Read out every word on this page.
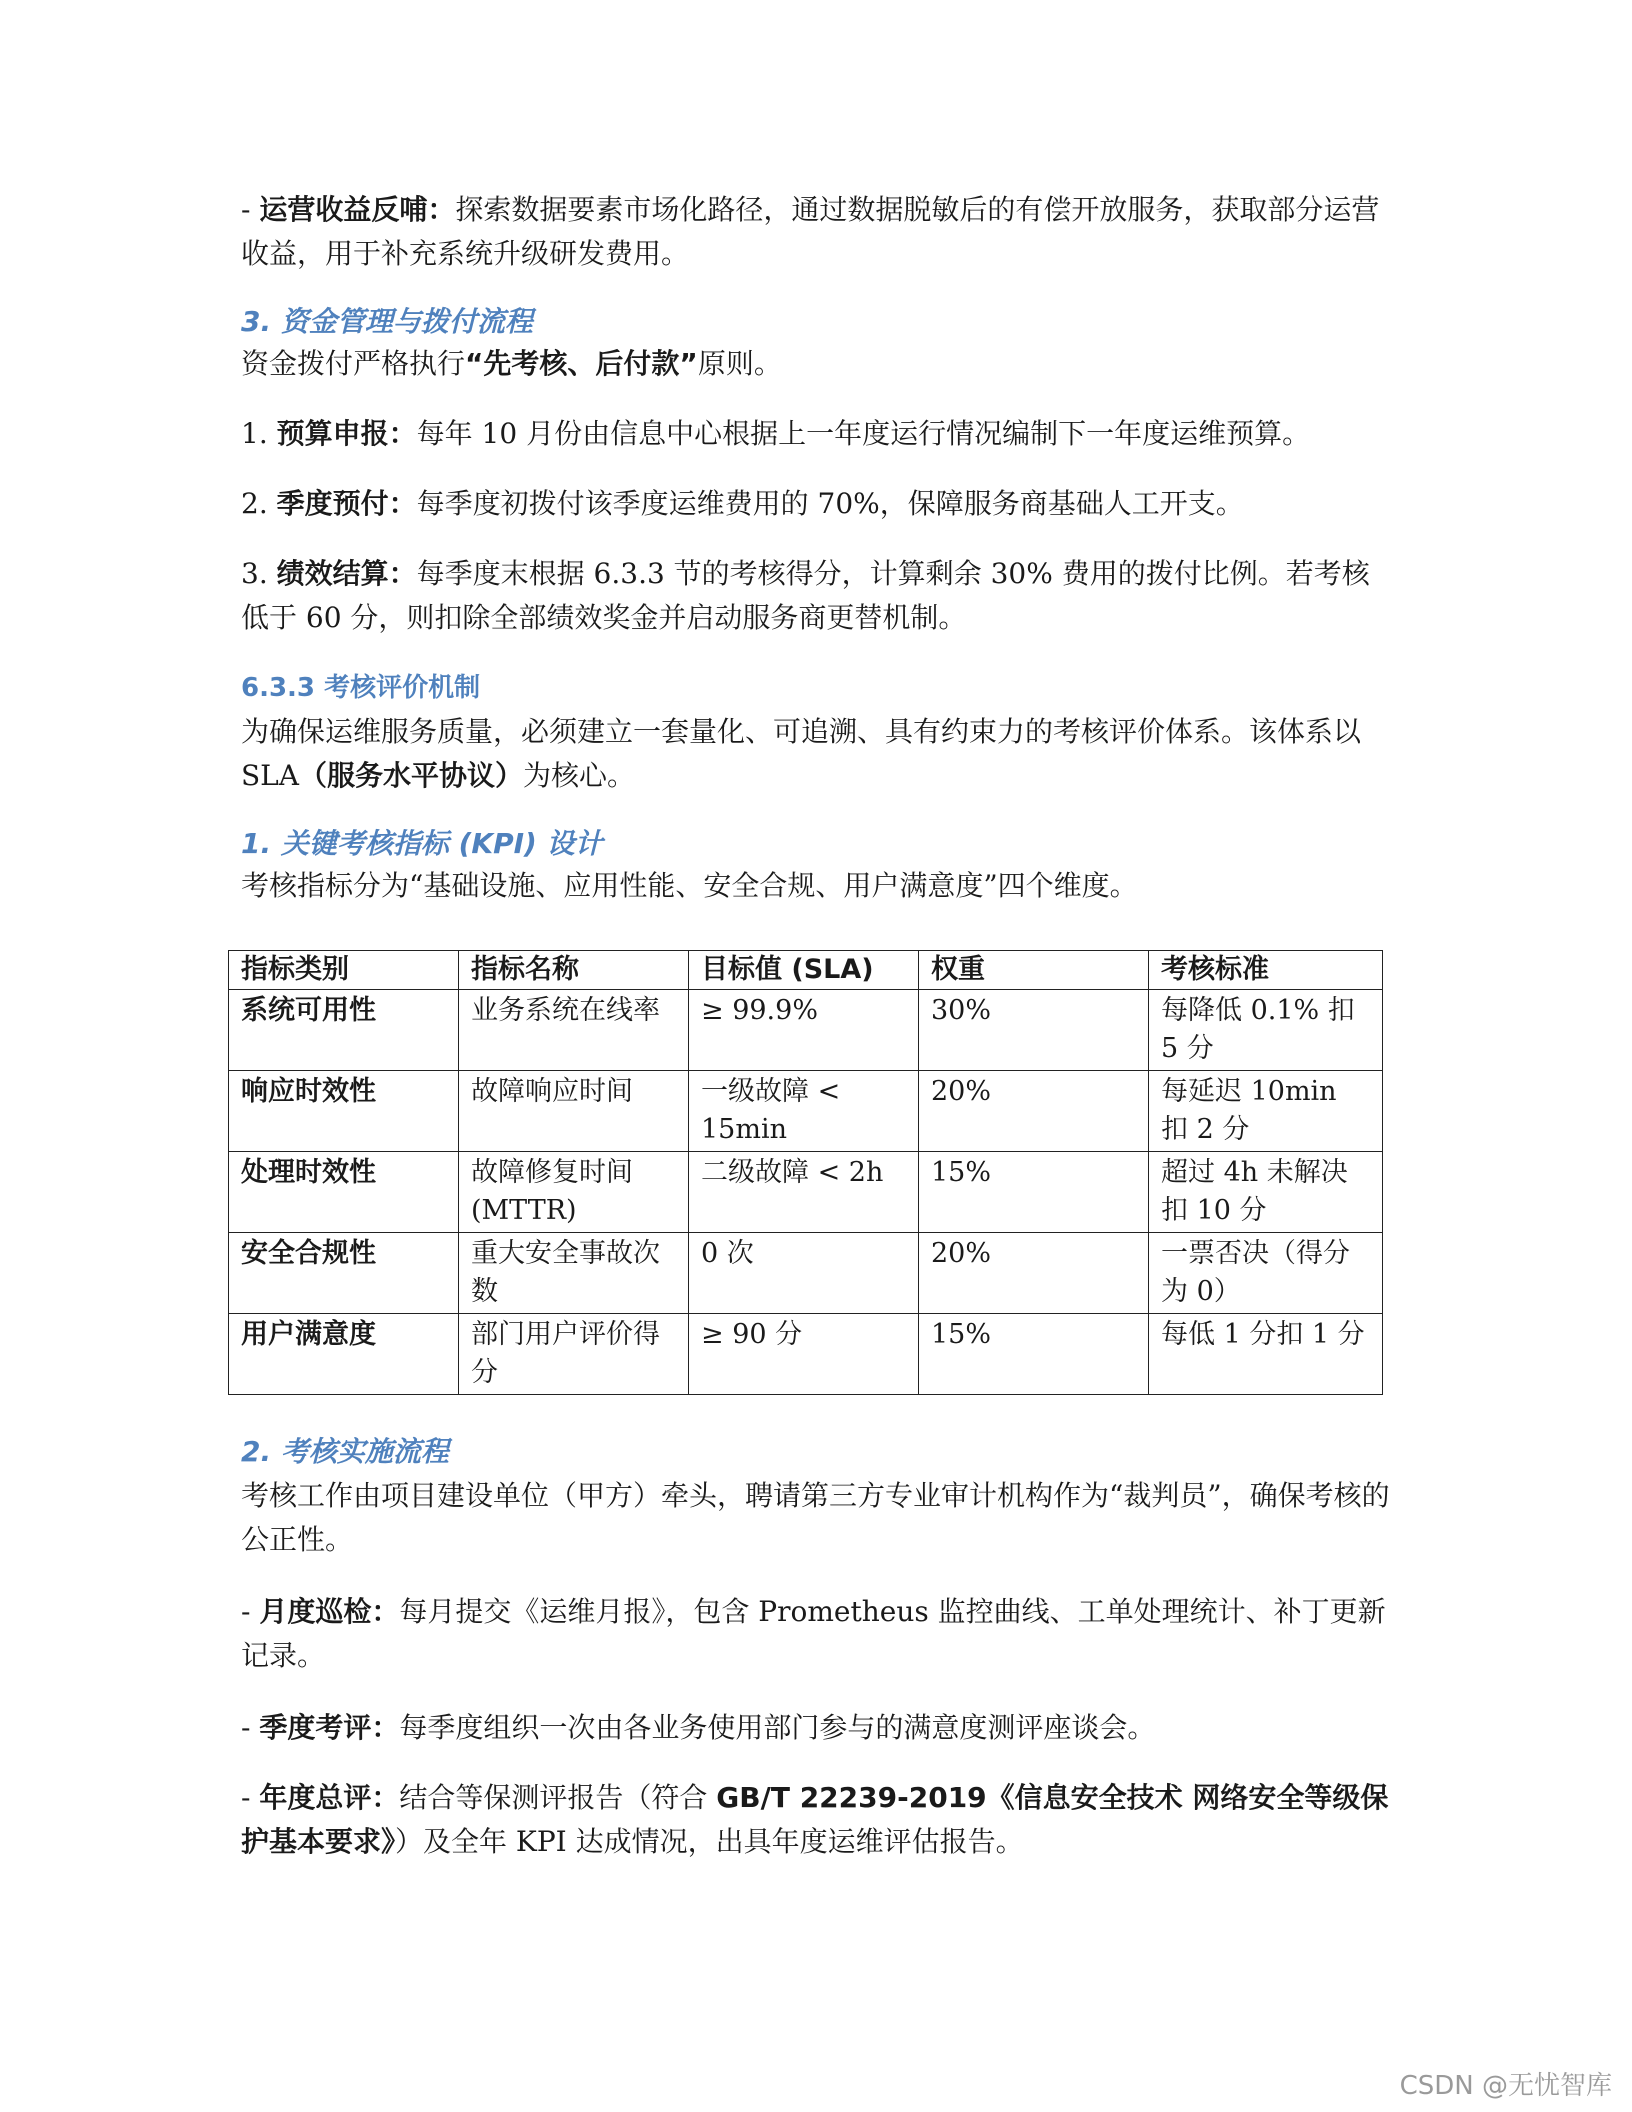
- 运营收益反哺：探索数据要素市场化路径，通过数据脱敏后的有偿开放服务，获取部分运营收益，用于补充系统升级研发费用。

3. 资金管理与拨付流程

资金拨付严格执行“先考核、后付款”原则。

1. 预算申报：每年 10 月份由信息中心根据上一年度运行情况编制下一年度运维预算。

2. 季度预付：每季度初拨付该季度运维费用的 70%，保障服务商基础人工开支。

3. 绩效结算：每季度末根据 6.3.3 节的考核得分，计算剩余 30% 费用的拨付比例。若考核低于 60 分，则扣除全部绩效奖金并启动服务商更替机制。

6.3.3 考核评价机制

为确保运维服务质量，必须建立一套量化、可追溯、具有约束力的考核评价体系。该体系以 SLA（服务水平协议）为核心。

1. 关键考核指标 (KPI) 设计

考核指标分为“基础设施、应用性能、安全合规、用户满意度”四个维度。

指标类别	指标名称	目标值 (SLA)	权重	考核标准
系统可用性	业务系统在线率	≥ 99.9%	30%	每降低 0.1% 扣 5 分
响应时效性	故障响应时间	一级故障 < 15min	20%	每延迟 10min 扣 2 分
处理时效性	故障修复时间 (MTTR)	二级故障 < 2h	15%	超过 4h 未解决扣 10 分
安全合规性	重大安全事故次数	0 次	20%	一票否决（得分为 0）
用户满意度	部门用户评价得分	≥ 90 分	15%	每低 1 分扣 1 分

2. 考核实施流程

考核工作由项目建设单位（甲方）牵头，聘请第三方专业审计机构作为“裁判员”，确保考核的公正性。

- 月度巡检：每月提交《运维月报》，包含 Prometheus 监控曲线、工单处理统计、补丁更新记录。

- 季度考评：每季度组织一次由各业务使用部门参与的满意度测评座谈会。

- 年度总评：结合等保测评报告（符合 GB/T 22239-2019《信息安全技术 网络安全等级保护基本要求》）及全年 KPI 达成情况，出具年度运维评估报告。

CSDN @无忧智库
